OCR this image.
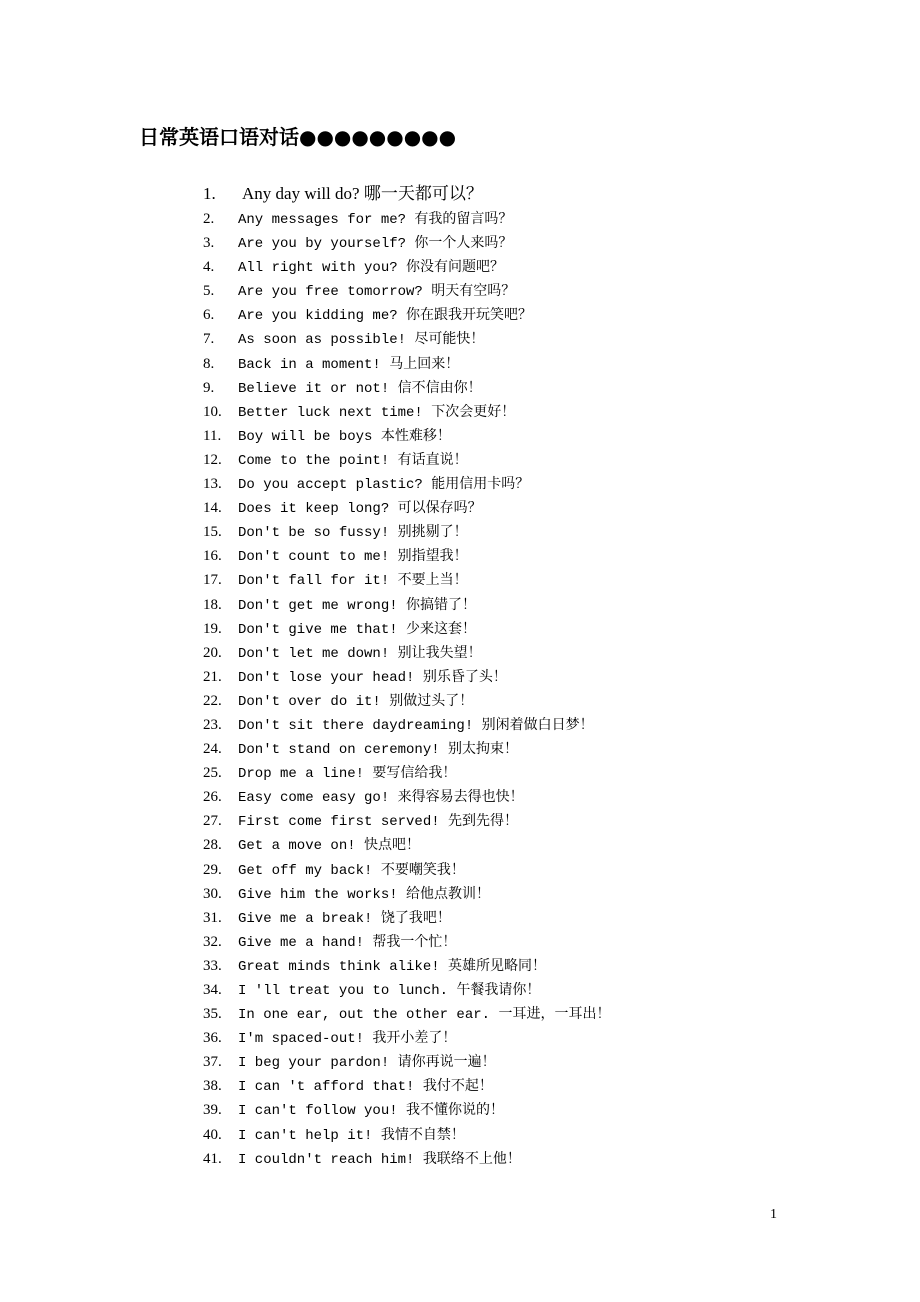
日常英语口语对话●●●●●●●●●
1. Any day will do? 哪一天都可以？
2. Any messages for me? 有我的留言吗？
3. Are you by yourself? 你一个人来吗？
4. All right with you? 你没有问题吧？
5. Are you free tomorrow? 明天有空吗？
6. Are you kidding me? 你在跟我开玩笑吧？
7. As soon as possible! 尽可能快！
8. Back in a moment! 马上回来！
9. Believe it or not! 信不信由你！
10. Better luck next time! 下次会更好！
11. Boy will be boys 本性难移！
12. Come to the point! 有话直说！
13. Do you accept plastic? 能用信用卡吗？
14. Does it keep long? 可以保存吗？
15. Don't be so fussy! 别挑剔了！
16. Don't count to me! 别指望我！
17. Don't fall for it! 不要上当！
18. Don't get me wrong! 你搞错了！
19. Don't give me that! 少来这套！
20. Don't let me down! 别让我失望！
21. Don't lose your head! 别乐昏了头！
22. Don't over do it! 别做过头了！
23. Don't sit there daydreaming! 别闲着做白日梦！
24. Don't stand on ceremony! 别太拘束！
25. Drop me a line! 要写信给我！
26. Easy come easy go! 来得容易去得也快！
27. First come first served! 先到先得！
28. Get a move on! 快点吧！
29. Get off my back! 不要嘲笑我！
30. Give him the works! 给他点教训！
31. Give me a break! 饶了我吧！
32. Give me a hand! 帮我一个忙！
33. Great minds think alike! 英雄所见略同！
34. I 'll treat you to lunch. 午餐我请你！
35. In one ear, out the other ear. 一耳进，一耳出！
36. I'm spaced-out! 我开小差了！
37. I beg your pardon! 请你再说一遍！
38. I can 't afford that! 我付不起！
39. I can't follow you! 我不懂你说的！
40. I can't help it! 我情不自禁！
41. I couldn't reach him! 我联络不上他！
1
